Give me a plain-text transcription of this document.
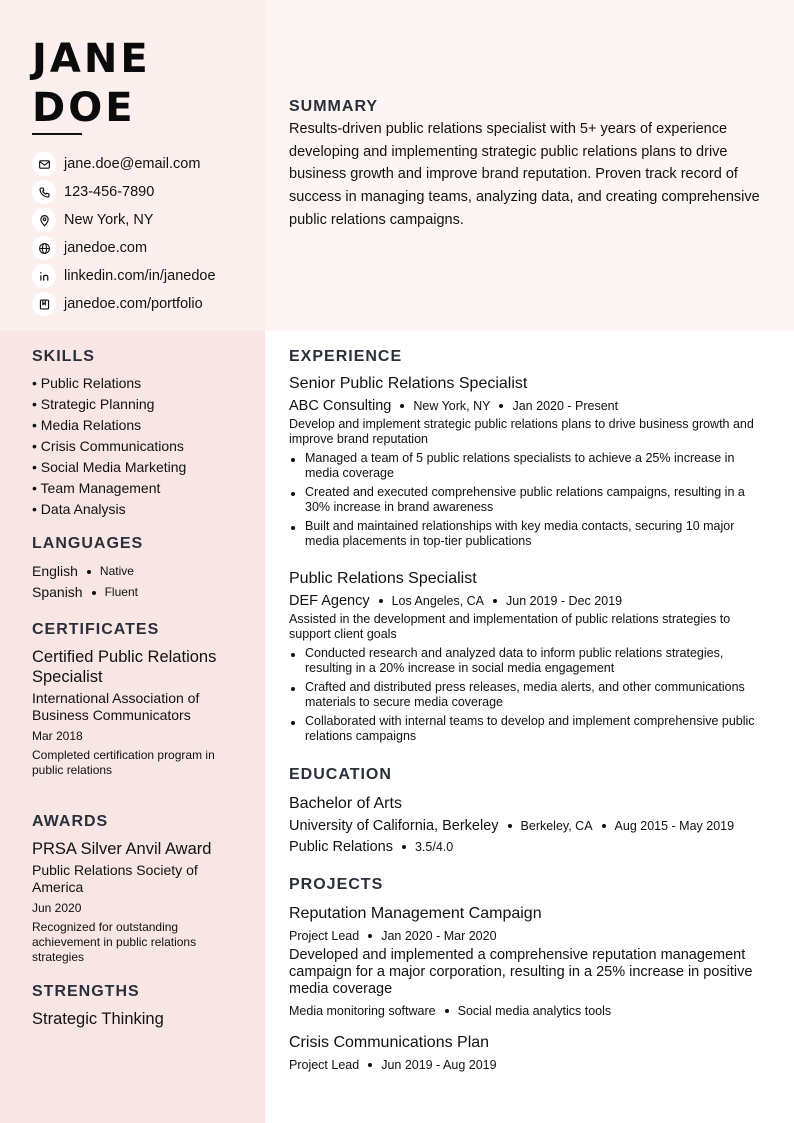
JANE
DOE
jane.doe@email.com
123-456-7890
New York, NY
janedoe.com
linkedin.com/in/janedoe
janedoe.com/portfolio
SUMMARY
Results-driven public relations specialist with 5+ years of experience developing and implementing strategic public relations plans to drive business growth and improve brand reputation. Proven track record of success in managing teams, analyzing data, and creating comprehensive public relations campaigns.
SKILLS
• Public Relations
• Strategic Planning
• Media Relations
• Crisis Communications
• Social Media Marketing
• Team Management
• Data Analysis
LANGUAGES
English Native
Spanish Fluent
CERTIFICATES
Certified Public Relations Specialist
International Association of Business Communicators
Mar 2018
Completed certification program in public relations
AWARDS
PRSA Silver Anvil Award
Public Relations Society of America
Jun 2020
Recognized for outstanding achievement in public relations strategies
STRENGTHS
Strategic Thinking
EXPERIENCE
Senior Public Relations Specialist
ABC Consulting New York, NY Jan 2020 - Present
Develop and implement strategic public relations plans to drive business growth and improve brand reputation
Managed a team of 5 public relations specialists to achieve a 25% increase in media coverage
Created and executed comprehensive public relations campaigns, resulting in a 30% increase in brand awareness
Built and maintained relationships with key media contacts, securing 10 major media placements in top-tier publications
Public Relations Specialist
DEF Agency Los Angeles, CA Jun 2019 - Dec 2019
Assisted in the development and implementation of public relations strategies to support client goals
Conducted research and analyzed data to inform public relations strategies, resulting in a 20% increase in social media engagement
Crafted and distributed press releases, media alerts, and other communications materials to secure media coverage
Collaborated with internal teams to develop and implement comprehensive public relations campaigns
EDUCATION
Bachelor of Arts
University of California, Berkeley Berkeley, CA Aug 2015 - May 2019
Public Relations 3.5/4.0
PROJECTS
Reputation Management Campaign
Project Lead Jan 2020 - Mar 2020
Developed and implemented a comprehensive reputation management campaign for a major corporation, resulting in a 25% increase in positive media coverage
Media monitoring software Social media analytics tools
Crisis Communications Plan
Project Lead Jun 2019 - Aug 2019
